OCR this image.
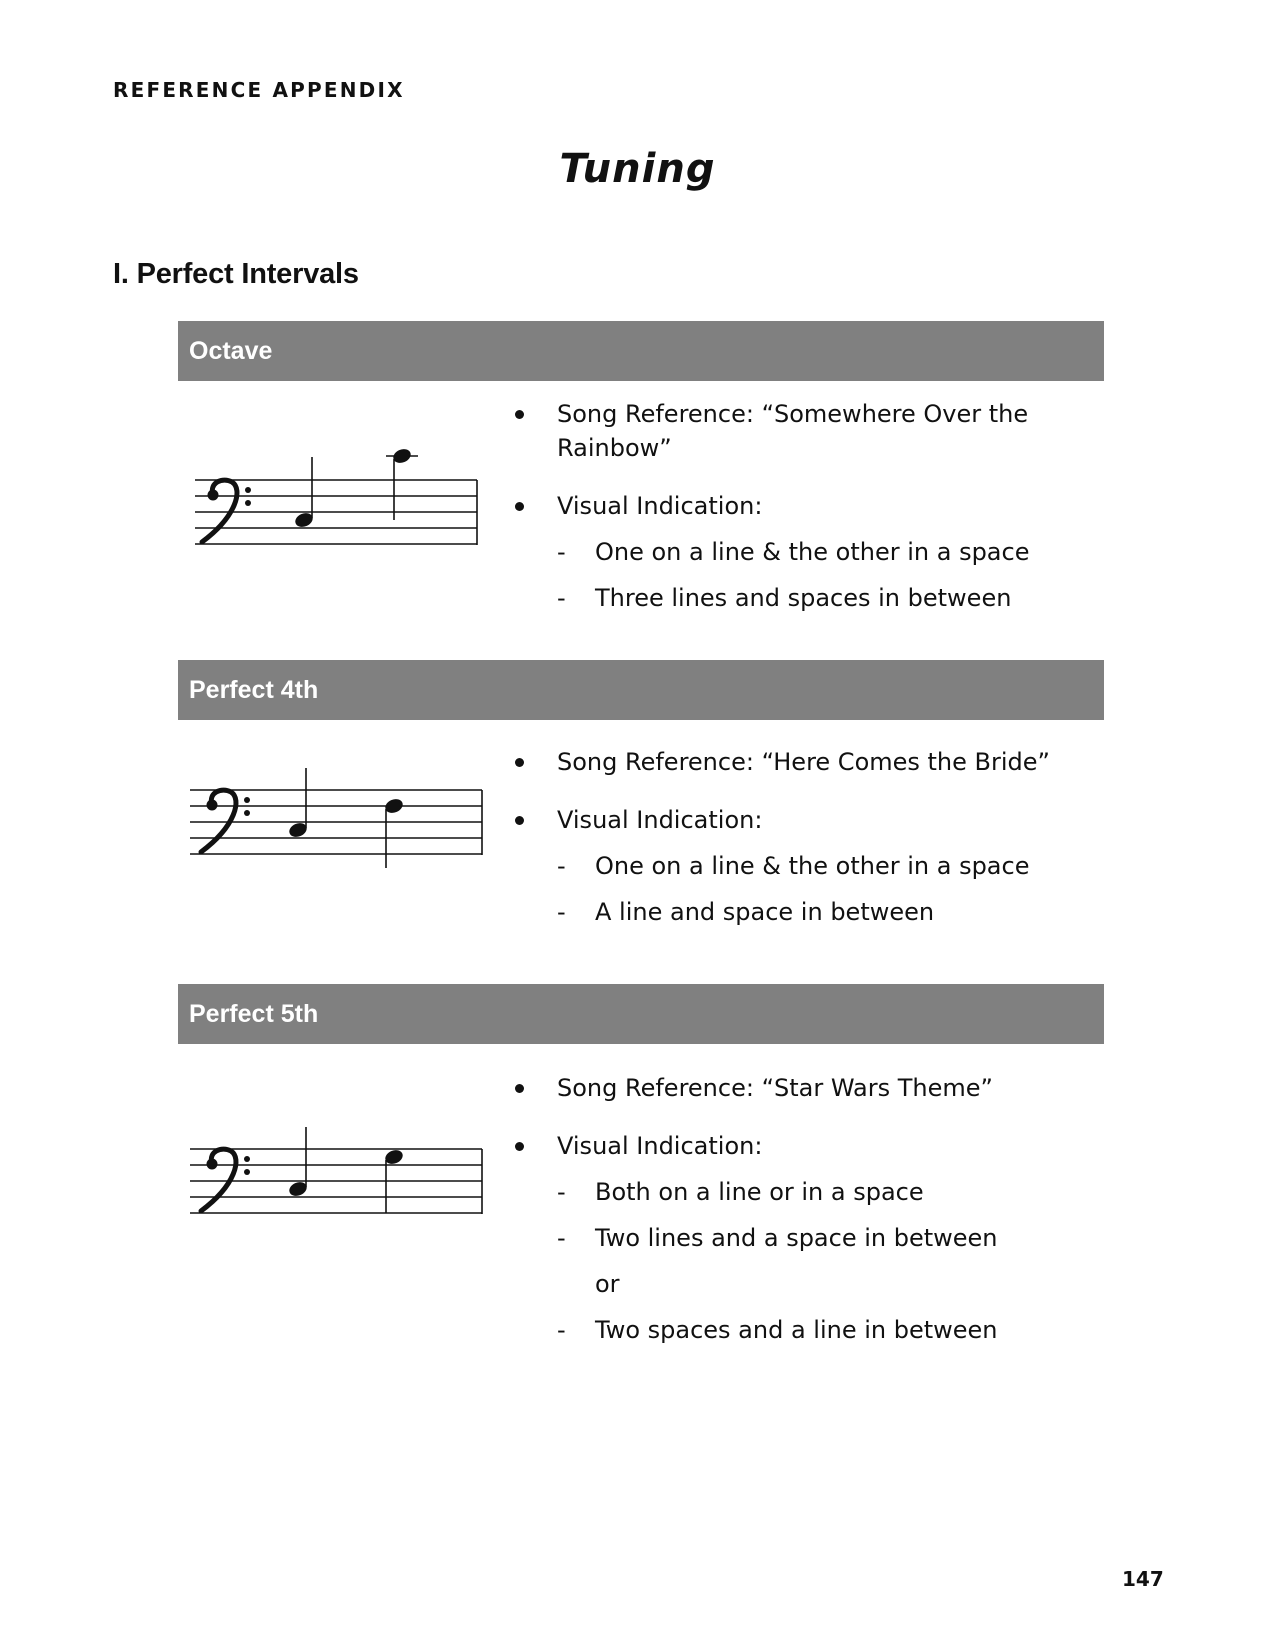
REFERENCE APPENDIX
Tuning
I. Perfect Intervals
Octave
Song Reference: “Somewhere Over the Rainbow”
Visual Indication:
- One on a line & the other in a space
- Three lines and spaces in between
Perfect 4th
Song Reference: “Here Comes the Bride”
Visual Indication:
- One on a line & the other in a space
- A line and space in between
Perfect 5th
Song Reference: “Star Wars Theme”
Visual Indication:
- Both on a line or in a space
- Two lines and a space in between
or
- Two spaces and a line in between
147
